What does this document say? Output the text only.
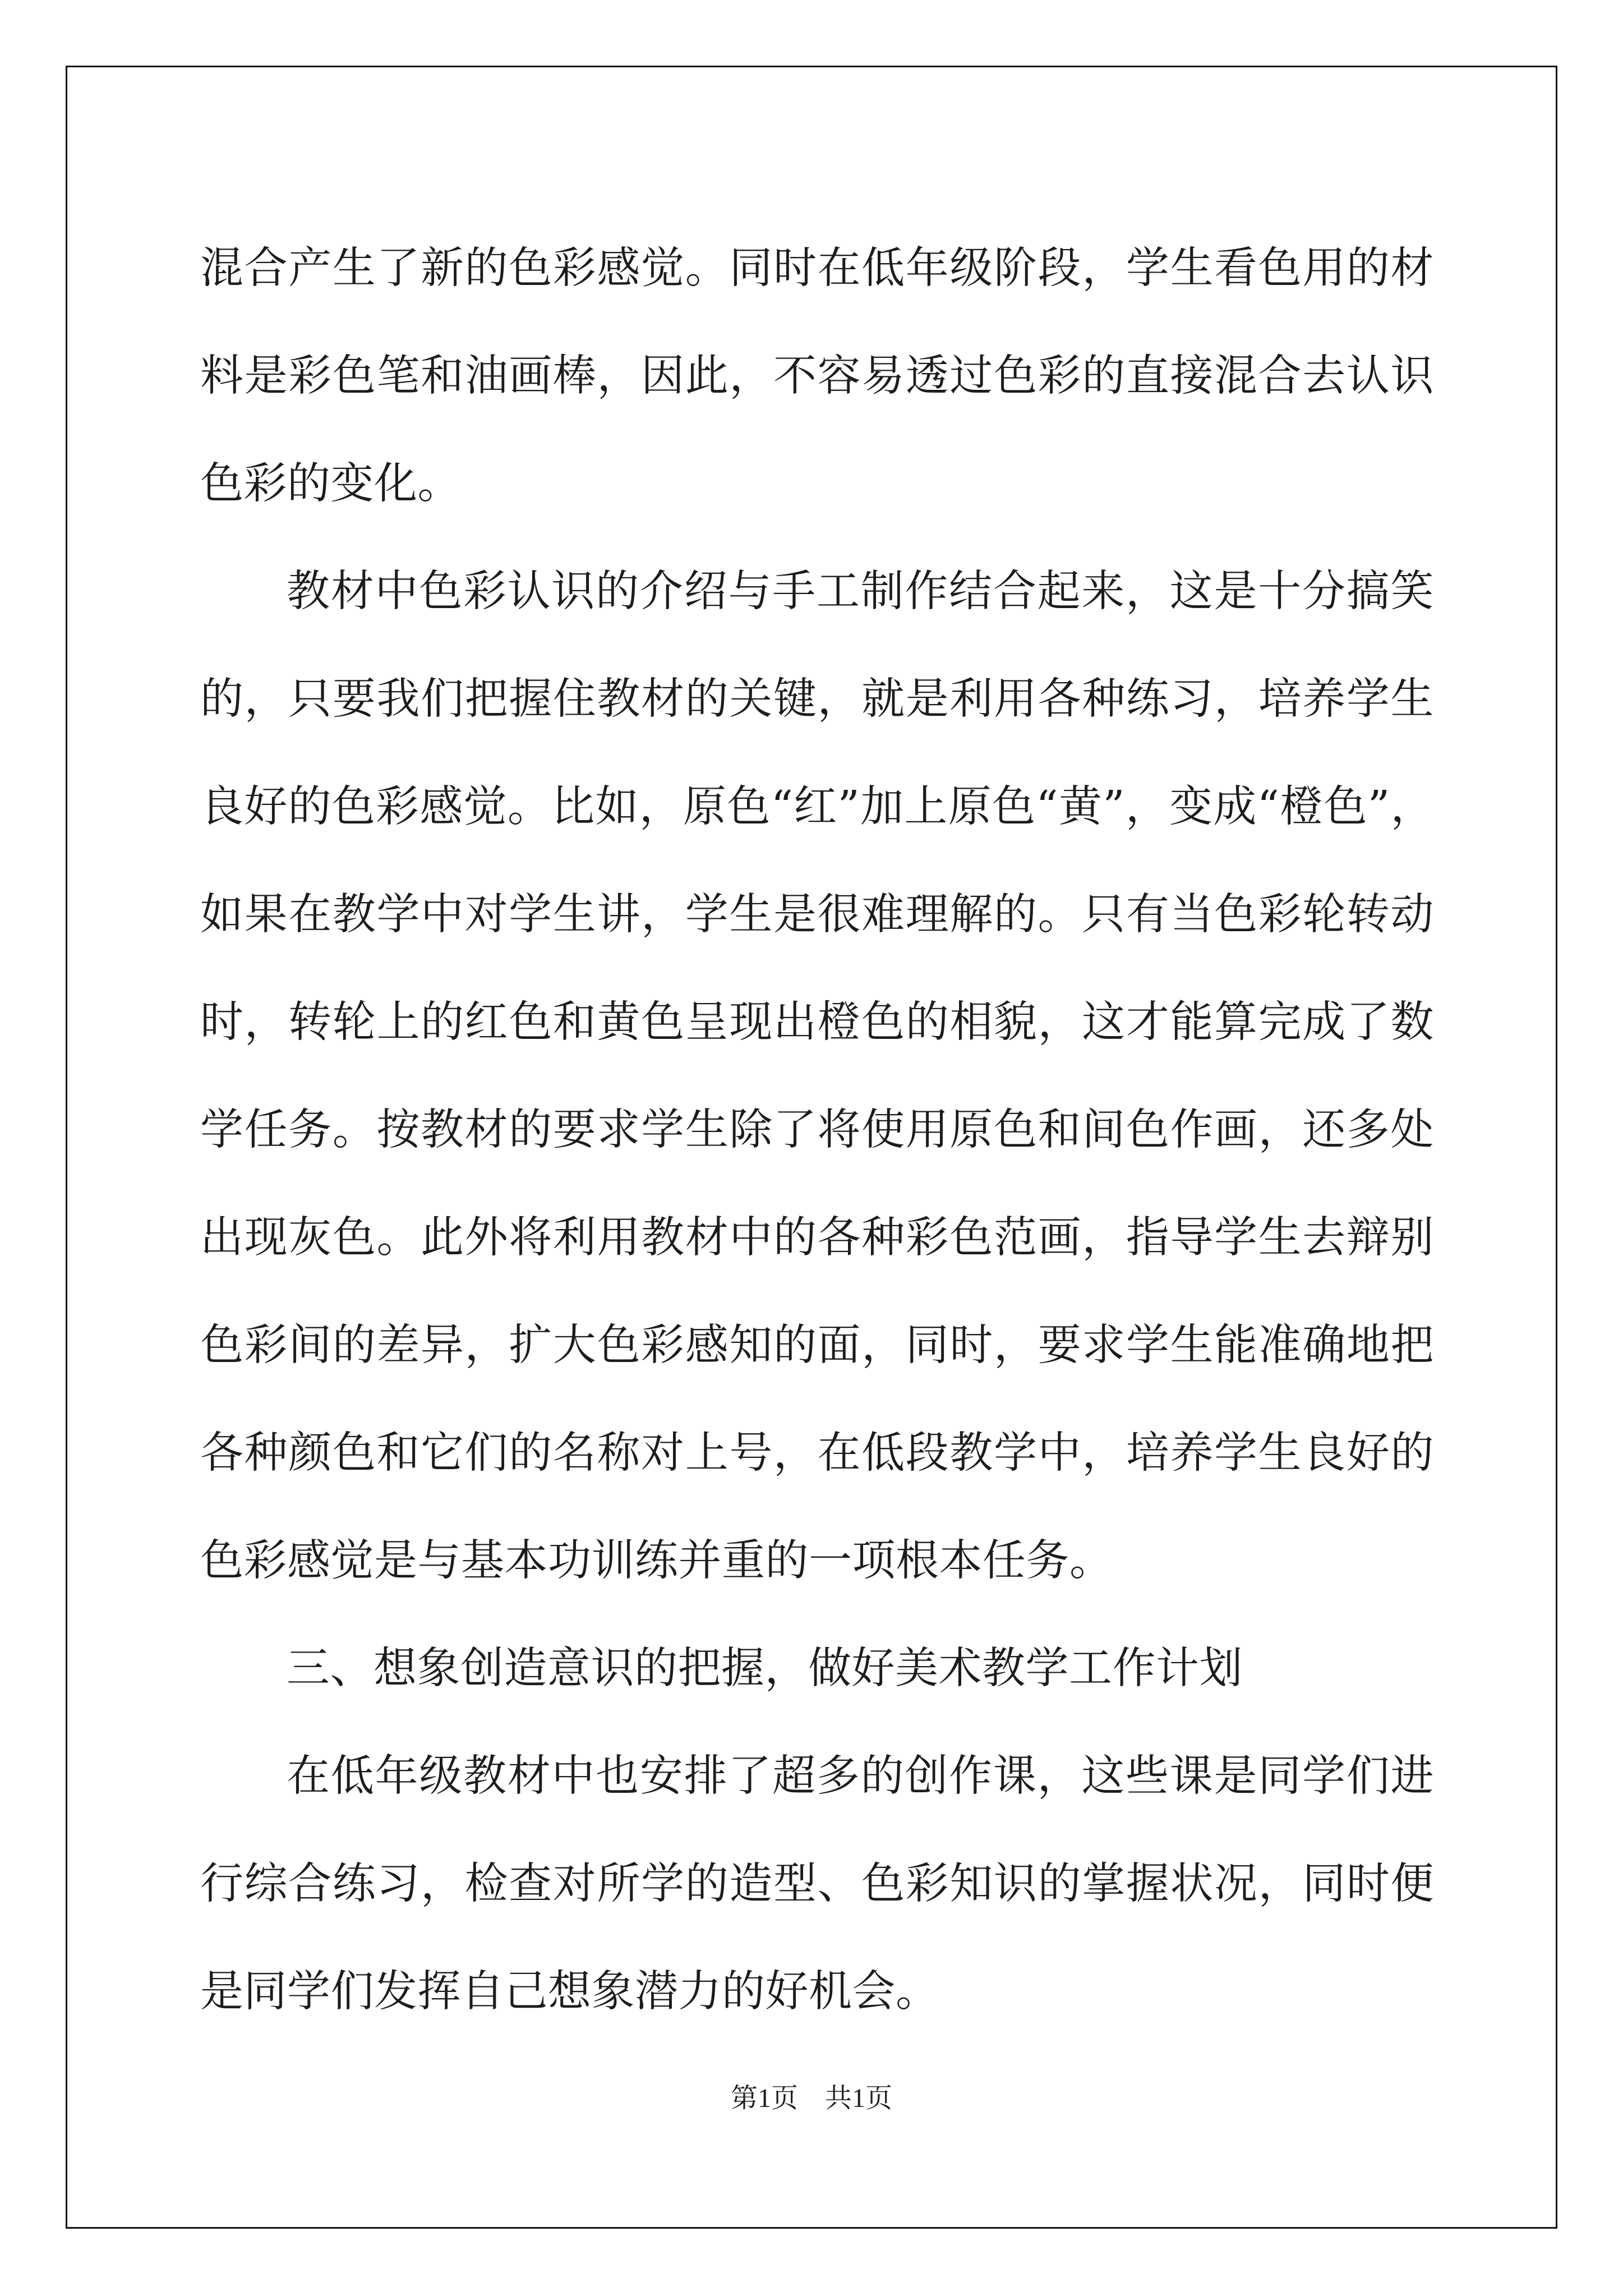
混合产生了新的色彩感觉。同时在低年级阶段，学生看色用的材料是彩色笔和油画棒，因此，不容易透过色彩的直接混合去认识色彩的变化。

教材中色彩认识的介绍与手工制作结合起来，这是十分搞笑的，只要我们把握住教材的关键，就是利用各种练习，培养学生良好的色彩感觉。比如，原色“红”加上原色“黄”，变成“橙色”，如果在教学中对学生讲，学生是很难理解的。只有当色彩轮转动时，转轮上的红色和黄色呈现出橙色的相貌，这才能算完成了数学任务。按教材的要求学生除了将使用原色和间色作画，还多处出现灰色。此外将利用教材中的各种彩色范画，指导学生去辩别色彩间的差异，扩大色彩感知的面，同时，要求学生能准确地把各种颜色和它们的名称对上号，在低段教学中，培养学生良好的色彩感觉是与基本功训练并重的一项根本任务。

三、想象创造意识的把握，做好美术教学工作计划

在低年级教材中也安排了超多的创作课，这些课是同学们进行综合练习，检查对所学的造型、色彩知识的掌握状况，同时便是同学们发挥自己想象潜力的好机会。

第1页　共1页
